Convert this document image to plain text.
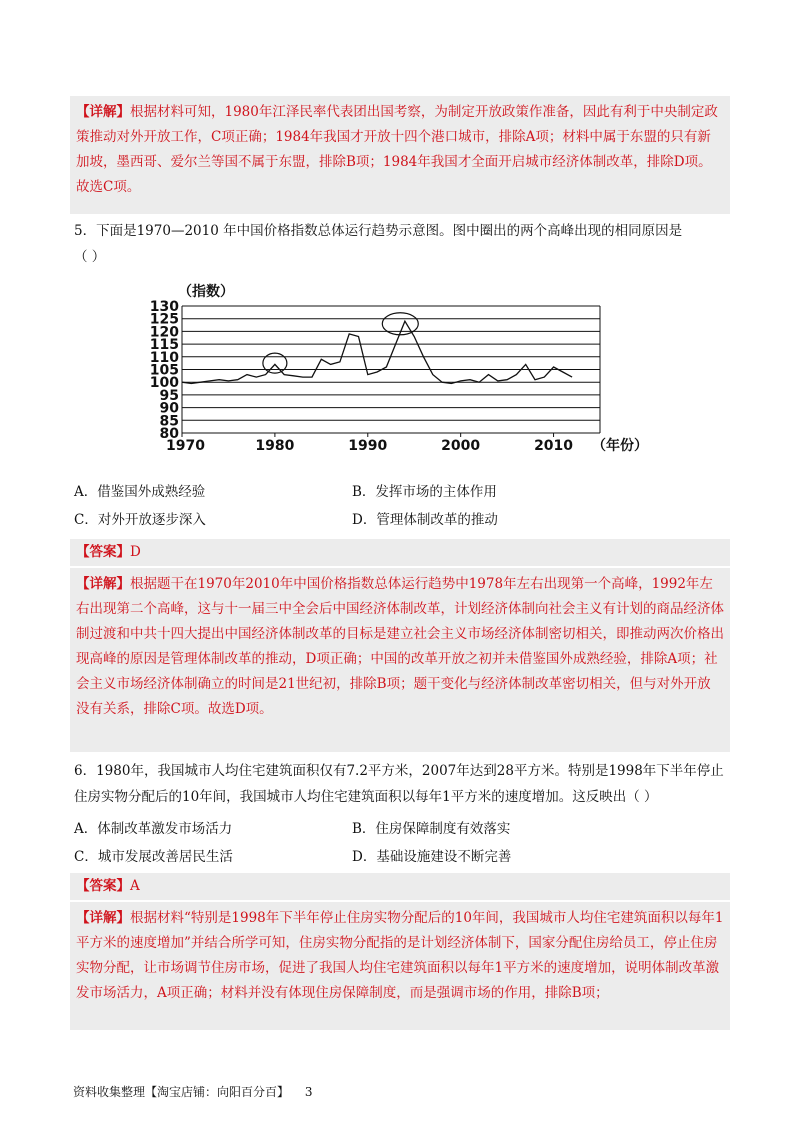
【详解】根据材料可知，1980年江泽民率代表团出国考察，为制定开放政策作准备，因此有利于中央制定政策推动对外开放工作，C项正确；1984年我国才开放十四个港口城市，排除A项；材料中属于东盟的只有新加坡，墨西哥、爱尔兰等国不属于东盟，排除B项；1984年我国才全面开启城市经济体制改革，排除D项。故选C项。
5．下面是1970—2010 年中国价格指数总体运行趋势示意图。图中圈出的两个高峰出现的相同原因是
（ ）
（指数）
130
125
120
115
110
105
100
95
90
85
80
1970	1980	1990	2000	2010 （年份）
A．借鉴国外成熟经验	B．发挥市场的主体作用
C．对外开放逐步深入	D．管理体制改革的推动
【答案】D
【详解】根据题干在1970年2010年中国价格指数总体运行趋势中1978年左右出现第一个高峰，1992年左右出现第二个高峰，这与十一届三中全会后中国经济体制改革，计划经济体制向社会主义有计划的商品经济体制过渡和中共十四大提出中国经济体制改革的目标是建立社会主义市场经济体制密切相关，即推动两次价格出现高峰的原因是管理体制改革的推动，D项正确；中国的改革开放之初并未借鉴国外成熟经验，排除A项；社会主义市场经济体制确立的时间是21世纪初，排除B项；题干变化与经济体制改革密切相关，但与对外开放没有关系，排除C项。故选D项。
6．1980年，我国城市人均住宅建筑面积仅有7.2平方米，2007年达到28平方米。特别是1998年下半年停止住房实物分配后的10年间，我国城市人均住宅建筑面积以每年1平方米的速度增加。这反映出（ ）
A．体制改革激发市场活力	B．住房保障制度有效落实
C．城市发展改善居民生活	D．基础设施建设不断完善
【答案】A
【详解】根据材料“特别是1998年下半年停止住房实物分配后的10年间，我国城市人均住宅建筑面积以每年1平方米的速度增加”并结合所学可知，住房实物分配指的是计划经济体制下，国家分配住房给员工，停止住房实物分配，让市场调节住房市场，促进了我国人均住宅建筑面积以每年1平方米的速度增加，说明体制改革激发市场活力，A项正确；材料并没有体现住房保障制度，而是强调市场的作用，排除B项；
资料收集整理【淘宝店铺：向阳百分百】 3
